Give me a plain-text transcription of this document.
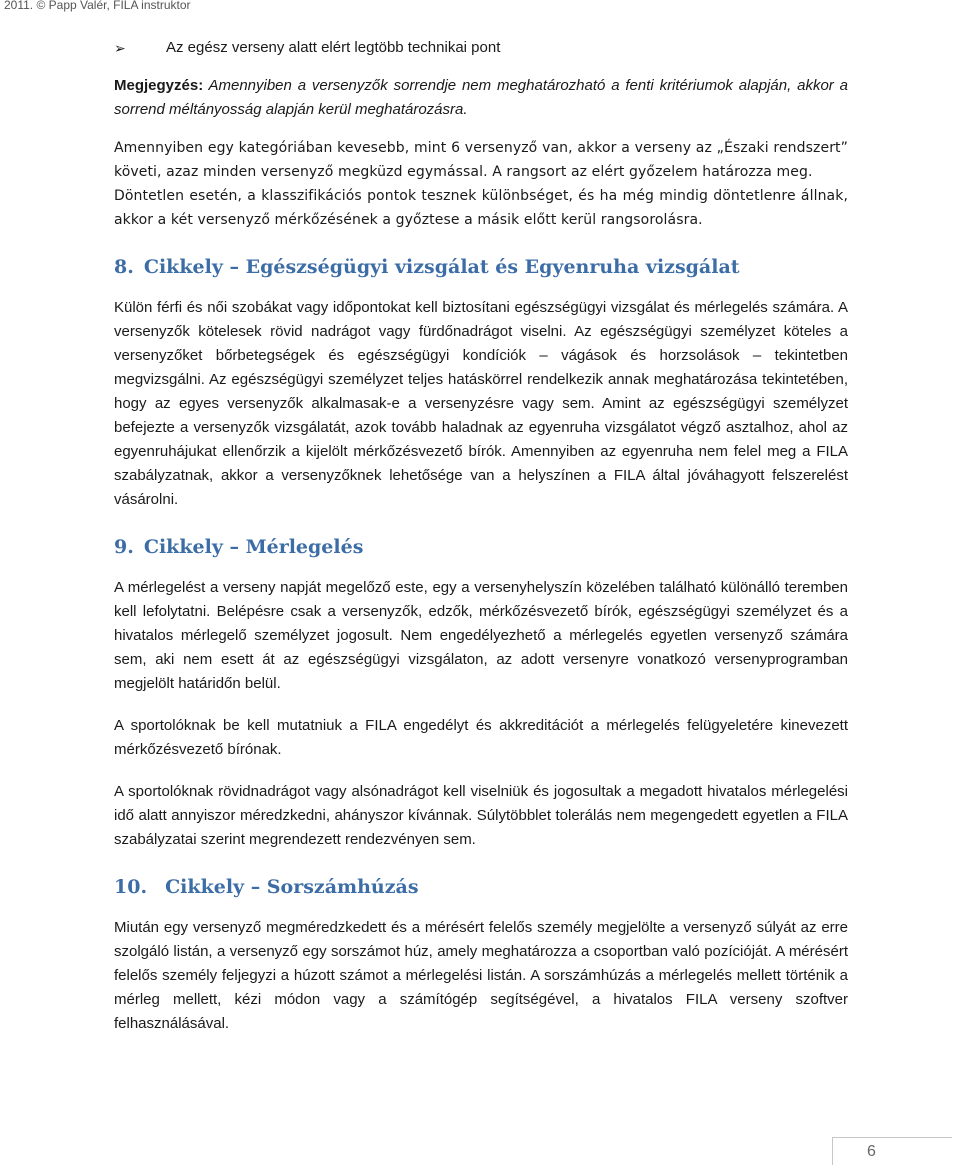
2011. © Papp Valér, FILA instruktor
➢	Az egész verseny alatt elért legtöbb technikai pont

Megjegyzés: Amennyiben a versenyzők sorrendje nem meghatározható a fenti kritériumok alapján, akkor a sorrend méltányosság alapján kerül meghatározásra.

Amennyiben egy kategóriában kevesebb, mint 6 versenyző van, akkor a verseny az „Északi rendszert” követi, azaz minden versenyző megküzd egymással. A rangsort az elért győzelem határozza meg.

Döntetlen esetén, a klasszifikációs pontok tesznek különbséget, és ha még mindig döntetlenre állnak, akkor a két versenyző mérkőzésének a győztese a másik előtt kerül rangsorolásra.

8. Cikkely – Egészségügyi vizsgálat és Egyenruha vizsgálat

Külön férfi és női szobákat vagy időpontokat kell biztosítani egészségügyi vizsgálat és mérlegelés számára. A versenyzők kötelesek rövid nadrágot vagy fürdőnadrágot viselni. Az egészségügyi személyzet köteles a versenyzőket bőrbetegségek és egészségügyi kondíciók – vágások és horzsolások – tekintetben megvizsgálni. Az egészségügyi személyzet teljes hatáskörrel rendelkezik annak meghatározása tekintetében, hogy az egyes versenyzők alkalmasak-e a versenyzésre vagy sem. Amint az egészségügyi személyzet befejezte a versenyzők vizsgálatát, azok tovább haladnak az egyenruha vizsgálatot végző asztalhoz, ahol az egyenruhájukat ellenőrzik a kijelölt mérkőzésvezető bírók. Amennyiben az egyenruha nem felel meg a FILA szabályzatnak, akkor a versenyzőknek lehetősége van a helyszínen a FILA által jóváhagyott felszerelést vásárolni.

9. Cikkely – Mérlegelés

A mérlegelést a verseny napját megelőző este, egy a versenyhelyszín közelében található különálló teremben kell lefolytatni. Belépésre csak a versenyzők, edzők, mérkőzésvezető bírók, egészségügyi személyzet és a hivatalos mérlegelő személyzet jogosult. Nem engedélyezhető a mérlegelés egyetlen versenyző számára sem, aki nem esett át az egészségügyi vizsgálaton, az adott versenyre vonatkozó versenyprogramban megjelölt határidőn belül.

A sportolóknak be kell mutatniuk a FILA engedélyt és akkreditációt a mérlegelés felügyeletére kinevezett mérkőzésvezető bírónak.

A sportolóknak rövidnadrágot vagy alsónadrágot kell viselniük és jogosultak a megadott hivatalos mérlegelési idő alatt annyiszor méredzkedni, ahányszor kívánnak. Súlytöbblet tolerálás nem megengedett egyetlen a FILA szabályzatai szerint megrendezett rendezvényen sem.

10. Cikkely – Sorszámhúzás

Miután egy versenyző megméredzkedett és a mérésért felelős személy megjelölte a versenyző súlyát az erre szolgáló listán, a versenyző egy sorszámot húz, amely meghatározza a csoportban való pozícióját. A mérésért felelős személy feljegyzi a húzott számot a mérlegelési listán. A sorszámhúzás a mérlegelés mellett történik a mérleg mellett, kézi módon vagy a számítógép segítségével, a hivatalos FILA verseny szoftver felhasználásával.

6
